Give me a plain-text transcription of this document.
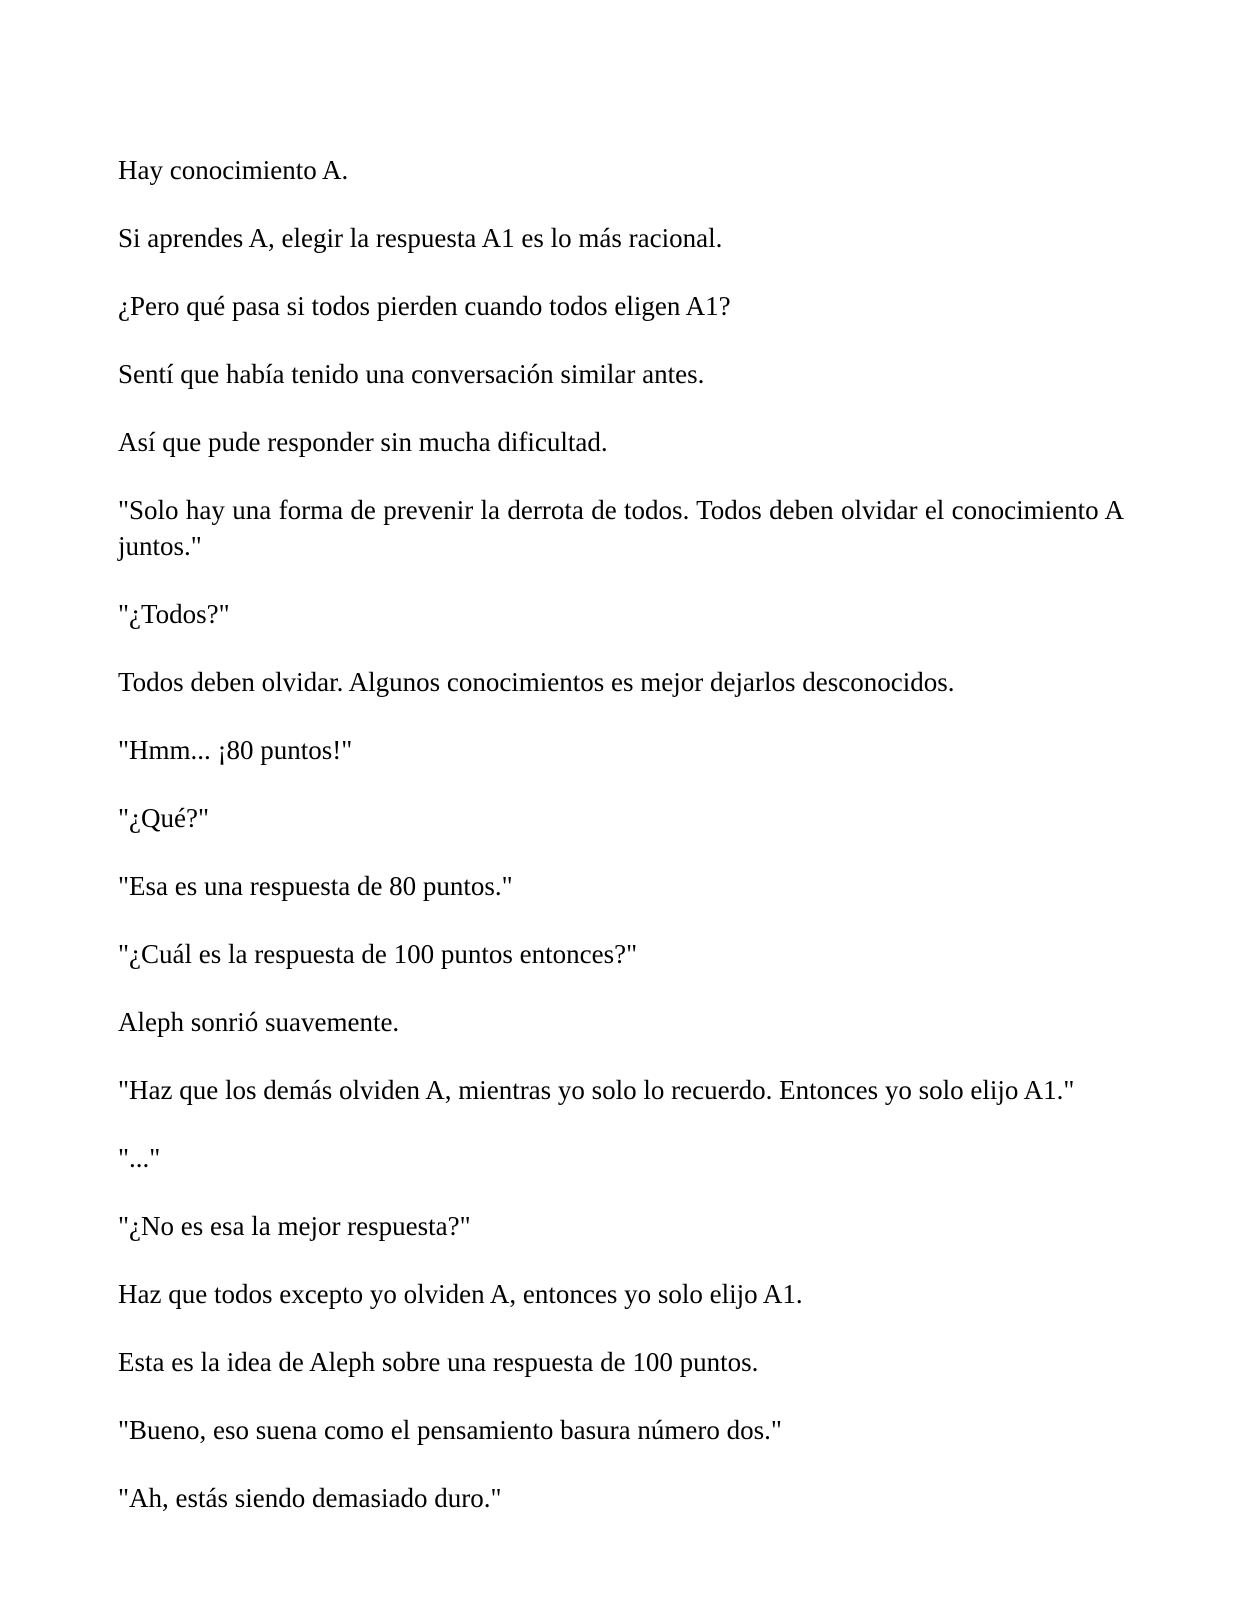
Hay conocimiento A.

Si aprendes A, elegir la respuesta A1 es lo más racional.

¿Pero qué pasa si todos pierden cuando todos eligen A1?

Sentí que había tenido una conversación similar antes.

Así que pude responder sin mucha dificultad.

"Solo hay una forma de prevenir la derrota de todos. Todos deben olvidar el conocimiento A juntos."

"¿Todos?"

Todos deben olvidar. Algunos conocimientos es mejor dejarlos desconocidos.

"Hmm... ¡80 puntos!"

"¿Qué?"

"Esa es una respuesta de 80 puntos."

"¿Cuál es la respuesta de 100 puntos entonces?"

Aleph sonrió suavemente.

"Haz que los demás olviden A, mientras yo solo lo recuerdo. Entonces yo solo elijo A1."

"..."

"¿No es esa la mejor respuesta?"

Haz que todos excepto yo olviden A, entonces yo solo elijo A1.

Esta es la idea de Aleph sobre una respuesta de 100 puntos.

"Bueno, eso suena como el pensamiento basura número dos."

"Ah, estás siendo demasiado duro."
